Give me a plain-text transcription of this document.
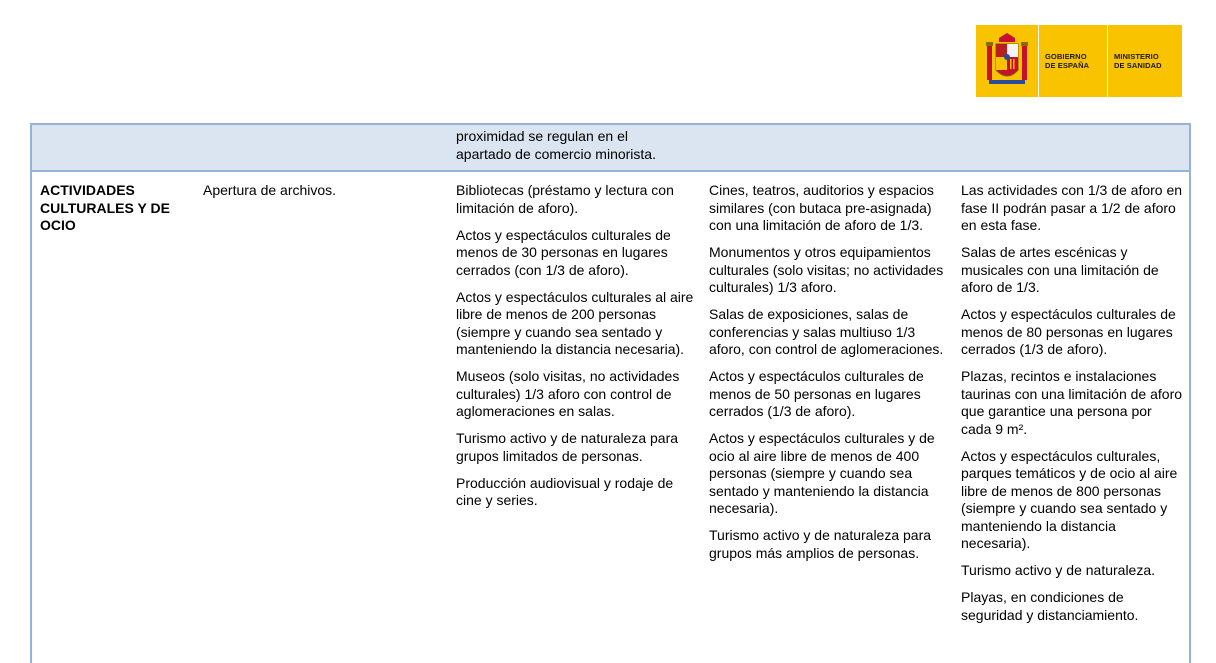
GOBIERNO
DE ESPAÑA
MINISTERIO
DE SANIDAD
proximidad se regulan en el apartado de comercio minorista.
ACTIVIDADES CULTURALES Y DE OCIO

Apertura de archivos.	Bibliotecas (préstamo y lectura con limitación de aforo).

Actos y espectáculos culturales de menos de 30 personas en lugares cerrados (con 1/3 de aforo).

Actos y espectáculos culturales al aire libre de menos de 200 personas (siempre y cuando sea sentado y manteniendo la distancia necesaria).

Museos (solo visitas, no actividades culturales) 1/3 aforo con control de aglomeraciones en salas.

Turismo activo y de naturaleza para grupos limitados de personas.

Producción audiovisual y rodaje de cine y series.

Cines, teatros, auditorios y espacios similares (con butaca pre-asignada) con una limitación de aforo de 1/3.

Monumentos y otros equipamientos culturales (solo visitas; no actividades culturales) 1/3 aforo.

Salas de exposiciones, salas de conferencias y salas multiuso 1/3 aforo, con control de aglomeraciones.

Actos y espectáculos culturales de menos de 50 personas en lugares cerrados (1/3 de aforo).

Actos y espectáculos culturales y de ocio al aire libre de menos de 400 personas (siempre y cuando sea sentado y manteniendo la distancia necesaria).

Turismo activo y de naturaleza para grupos más amplios de personas.

Las actividades con 1/3 de aforo en fase II podrán pasar a 1/2 de aforo en esta fase.

Salas de artes escénicas y musicales con una limitación de aforo de 1/3.

Actos y espectáculos culturales de menos de 80 personas en lugares cerrados (1/3 de aforo).

Plazas, recintos e instalaciones taurinas con una limitación de aforo que garantice una persona por cada 9 m².

Actos y espectáculos culturales, parques temáticos y de ocio al aire libre de menos de 800 personas (siempre y cuando sea sentado y manteniendo la distancia necesaria).

Turismo activo y de naturaleza.

Playas, en condiciones de seguridad y distanciamiento.
